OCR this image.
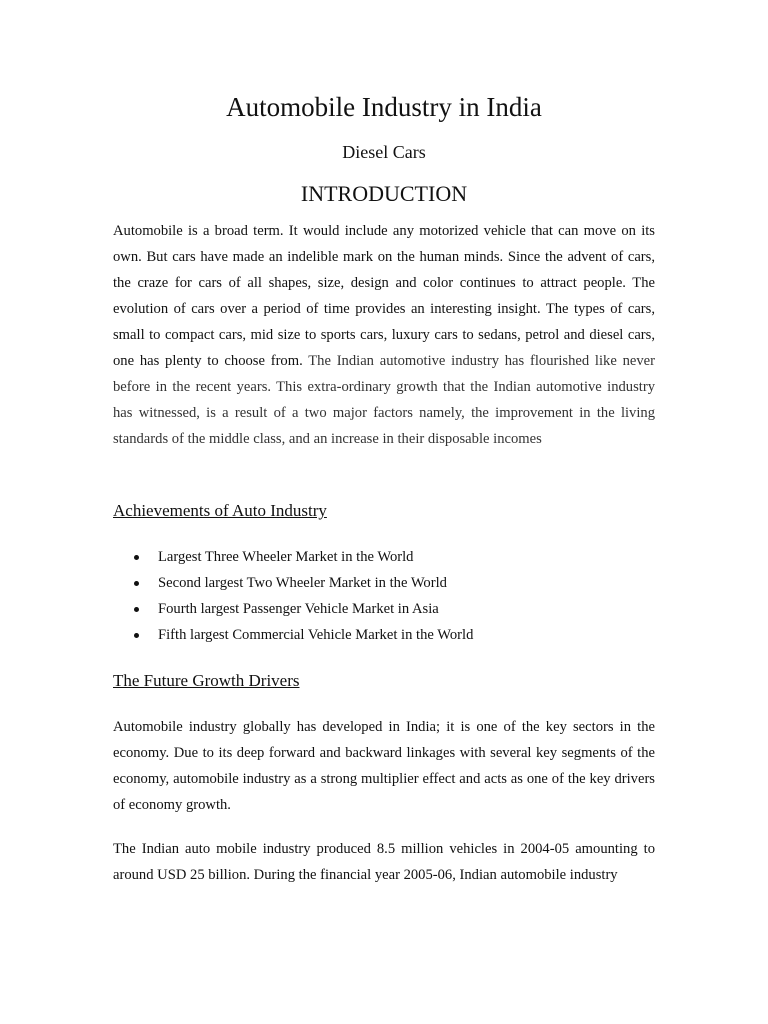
Automobile Industry in India
Diesel Cars
INTRODUCTION

Automobile is a broad term. It would include any motorized vehicle that can move on its own. But cars have made an indelible mark on the human minds. Since the advent of cars, the craze for cars of all shapes, size, design and color continues to attract people. The evolution of cars over a period of time provides an interesting insight. The types of cars, small to compact cars, mid size to sports cars, luxury cars to sedans, petrol and diesel cars, one has plenty to choose from. The Indian automotive industry has flourished like never before in the recent years. This extra-ordinary growth that the Indian automotive industry has witnessed, is a result of a two major factors namely, the improvement in the living standards of the middle class, and an increase in their disposable incomes

Achievements of Auto Industry
Largest Three Wheeler Market in the World
Second largest Two Wheeler Market in the World
Fourth largest Passenger Vehicle Market in Asia
Fifth largest Commercial Vehicle Market in the World
The Future Growth Drivers

Automobile industry globally has developed in India; it is one of the key sectors in the economy. Due to its deep forward and backward linkages with several key segments of the economy, automobile industry as a strong multiplier effect and acts as one of the key drivers of economy growth.

The Indian auto mobile industry produced 8.5 million vehicles in 2004-05 amounting to around USD 25 billion. During the financial year 2005-06, Indian automobile industry
